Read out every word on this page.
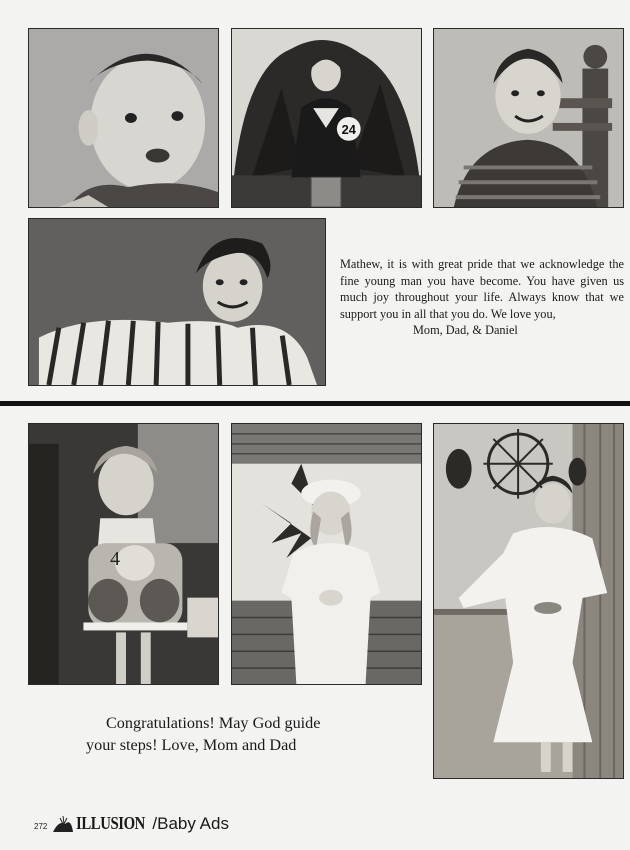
24

Mathew, it is with great pride that we acknowledge the fine young man you have become. You have given us much joy throughout your life. Always know that we support you in all that you do. We love you,

Mom, Dad, & Daniel
4
Congratulations! May God guide
your steps! Love, Mom and Dad
272 ILLUSION /Baby Ads
